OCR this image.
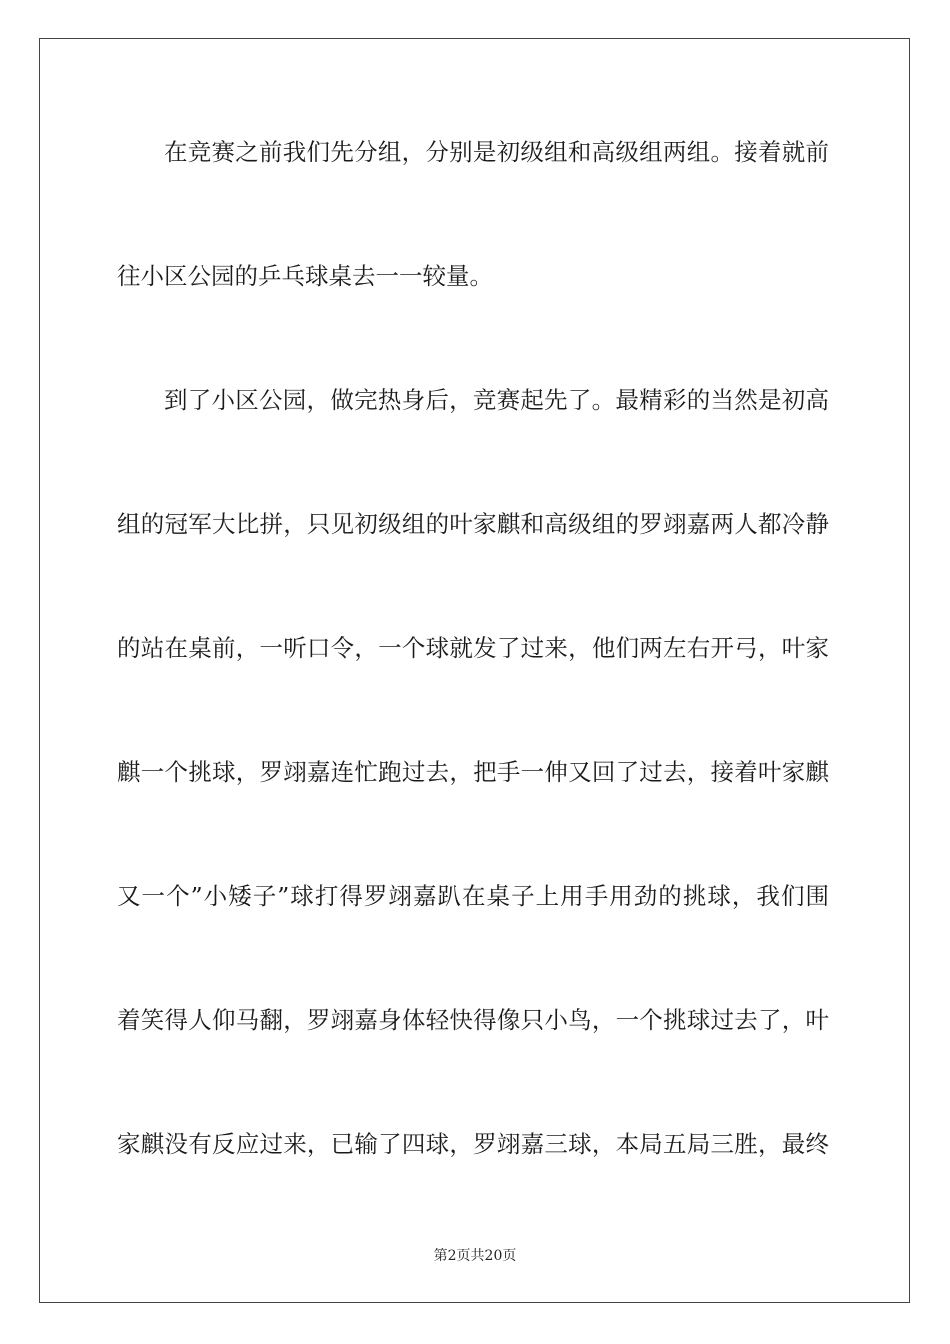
在竞赛之前我们先分组，分别是初级组和高级组两组。接着就前
往小区公园的乒乓球桌去一一较量。
到了小区公园，做完热身后，竞赛起先了。最精彩的当然是初高
组的冠军大比拼，只见初级组的叶家麒和高级组的罗翊嘉两人都冷静
的站在桌前，一听口令，一个球就发了过来，他们两左右开弓，叶家
麒一个挑球，罗翊嘉连忙跑过去，把手一伸又回了过去，接着叶家麒
又一个”小矮子”球打得罗翊嘉趴在桌子上用手用劲的挑球，我们围
着笑得人仰马翻，罗翊嘉身体轻快得像只小鸟，一个挑球过去了，叶
家麒没有反应过来，已输了四球，罗翊嘉三球，本局五局三胜，最终
第2页共20页
